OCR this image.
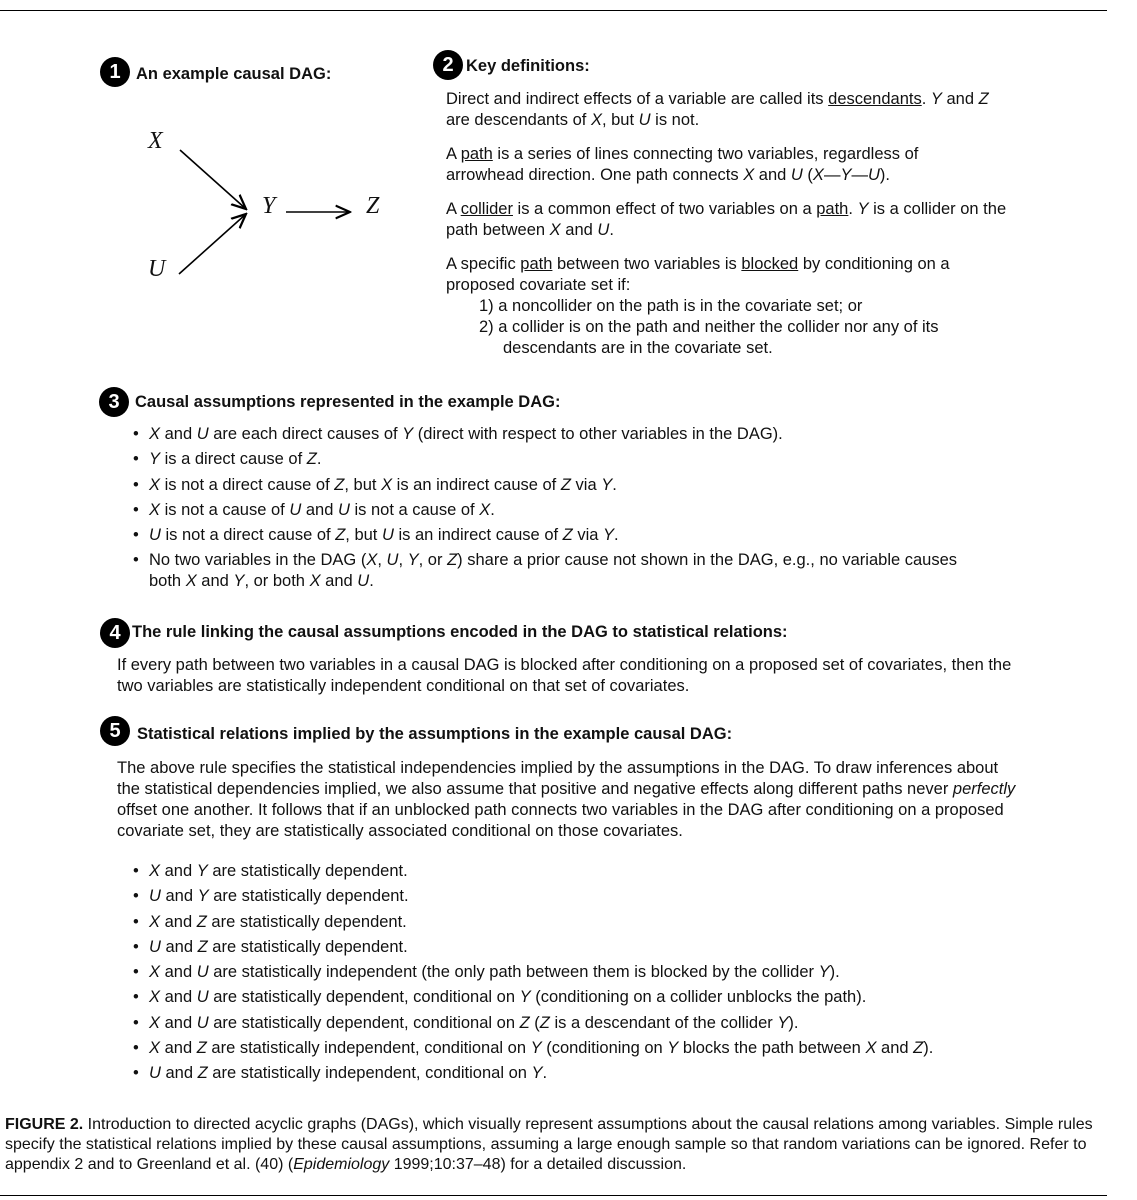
1 An example causal DAG:
X
U
Y	Z
2 Key definitions:
Direct and indirect effects of a variable are called its descendants. Y and Z are descendants of X, but U is not.
A path is a series of lines connecting two variables, regardless of arrowhead direction. One path connects X and U (X—Y—U).
A collider is a common effect of two variables on a path. Y is a collider on the path between X and U.
A specific path between two variables is blocked by conditioning on a proposed covariate set if:
1) a noncollider on the path is in the covariate set; or
2) a collider is on the path and neither the collider nor any of its descendants are in the covariate set.
3 Causal assumptions represented in the example DAG:
• X and U are each direct causes of Y (direct with respect to other variables in the DAG).
• Y is a direct cause of Z.
• X is not a direct cause of Z, but X is an indirect cause of Z via Y.
• X is not a cause of U and U is not a cause of X.
• U is not a direct cause of Z, but U is an indirect cause of Z via Y.
• No two variables in the DAG (X, U, Y, or Z) share a prior cause not shown in the DAG, e.g., no variable causes both X and Y, or both X and U.
4 The rule linking the causal assumptions encoded in the DAG to statistical relations:
If every path between two variables in a causal DAG is blocked after conditioning on a proposed set of covariates, then the two variables are statistically independent conditional on that set of covariates.
5 Statistical relations implied by the assumptions in the example causal DAG:
The above rule specifies the statistical independencies implied by the assumptions in the DAG. To draw inferences about the statistical dependencies implied, we also assume that positive and negative effects along different paths never perfectly offset one another. It follows that if an unblocked path connects two variables in the DAG after conditioning on a proposed covariate set, they are statistically associated conditional on those covariates.
• X and Y are statistically dependent.
• U and Y are statistically dependent.
• X and Z are statistically dependent.
• U and Z are statistically dependent.
• X and U are statistically independent (the only path between them is blocked by the collider Y).
• X and U are statistically dependent, conditional on Y (conditioning on a collider unblocks the path).
• X and U are statistically dependent, conditional on Z (Z is a descendant of the collider Y).
• X and Z are statistically independent, conditional on Y (conditioning on Y blocks the path between X and Z).
• U and Z are statistically independent, conditional on Y.
FIGURE 2. Introduction to directed acyclic graphs (DAGs), which visually represent assumptions about the causal relations among variables. Simple rules specify the statistical relations implied by these causal assumptions, assuming a large enough sample so that random variations can be ignored. Refer to appendix 2 and to Greenland et al. (40) (Epidemiology 1999;10:37–48) for a detailed discussion.
